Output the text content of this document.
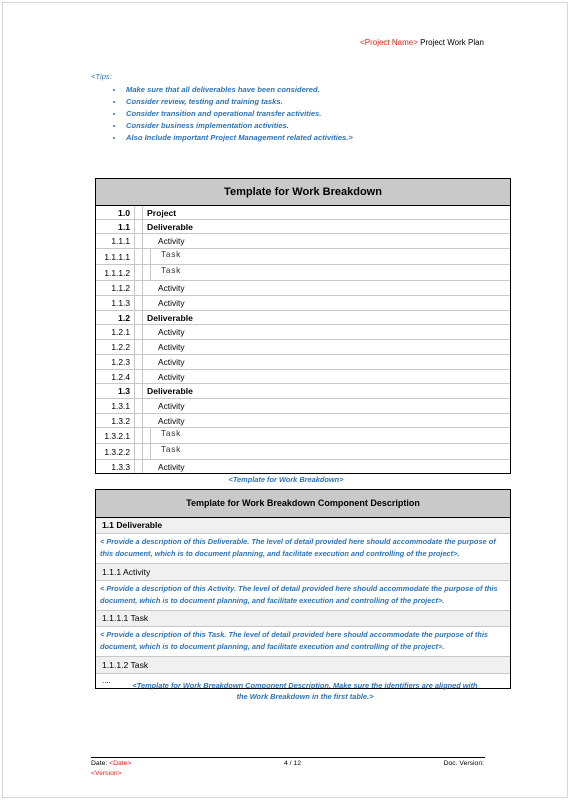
<Project Name> Project Work Plan
<Tips:
• Make sure that all deliverables have been considered.
• Consider review, testing and training tasks.
• Consider transition and operational transfer activities.
• Consider business implementation activities.
• Also Include important Project Management related activities.>
Template for Work Breakdown
1.0	Project
1.1	Deliverable
1.1.1	Activity
1.1.1.1	Task
1.1.1.2	Task
1.1.2	Activity
1.1.3	Activity
1.2	Deliverable
1.2.1	Activity
1.2.2	Activity
1.2.3	Activity
1.2.4	Activity
1.3	Deliverable
1.3.1	Activity
1.3.2	Activity
1.3.2.1	Task
1.3.2.2	Task
1.3.3	Activity
<Template for Work Breakdown>
Template for Work Breakdown Component Description
1.1 Deliverable
< Provide a description of this Deliverable. The level of detail provided here should accommodate the purpose of this document, which is to document planning, and facilitate execution and controlling of the project>.
1.1.1 Activity
< Provide a description of this Activity. The level of detail provided here should accommodate the purpose of this document, which is to document planning, and facilitate execution and controlling of the project>.
1.1.1.1 Task
< Provide a description of this Task. The level of detail provided here should accommodate the purpose of this document, which is to document planning, and facilitate execution and controlling of the project>.
1.1.1.2 Task
....
<Template for Work Breakdown Component Description. Make sure the identifiers are aligned with
the Work Breakdown in the first table.>
Date: <Date>	4 / 12	Doc. Version:
<Version>
